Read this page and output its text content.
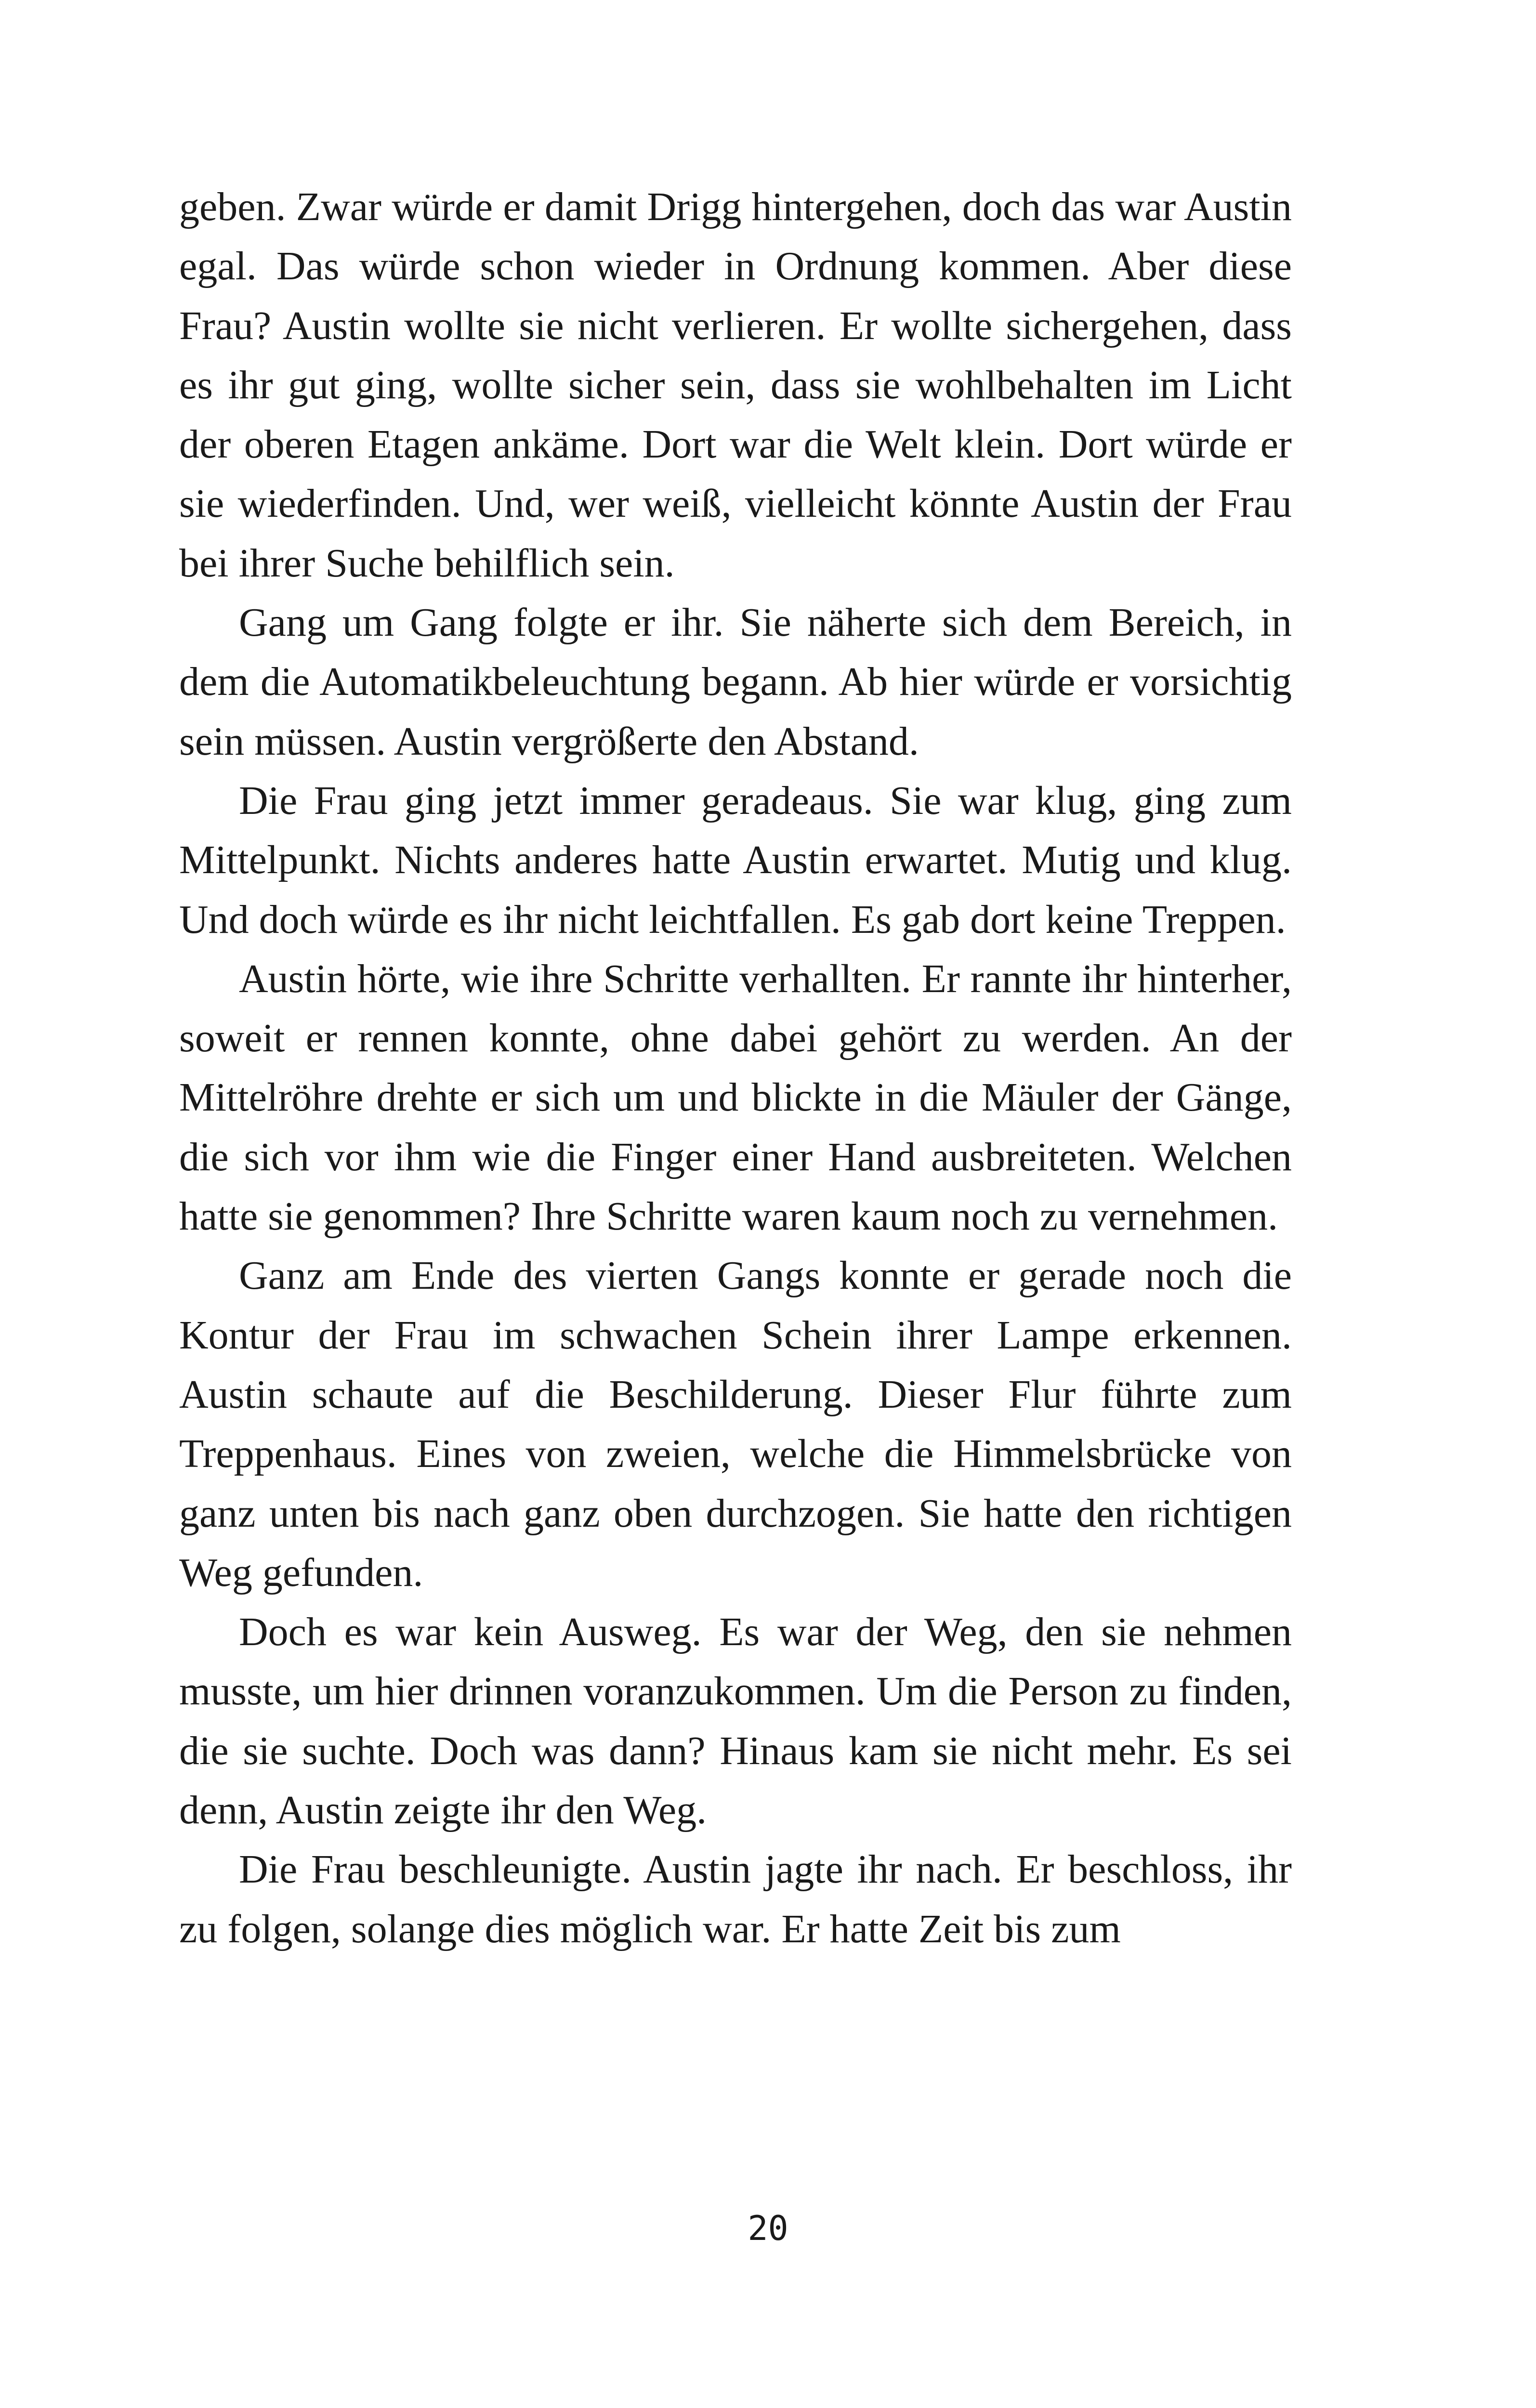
geben. Zwar würde er damit Drigg hintergehen, doch das war Austin egal. Das würde schon wieder in Ordnung kommen. Aber diese Frau? Austin wollte sie nicht verlieren. Er wollte sichergehen, dass es ihr gut ging, wollte sicher sein, dass sie wohlbehalten im Licht der oberen Etagen ankäme. Dort war die Welt klein. Dort würde er sie wiederfinden. Und, wer weiß, vielleicht könnte Austin der Frau bei ihrer Suche behilflich sein.

Gang um Gang folgte er ihr. Sie näherte sich dem Bereich, in dem die Automatikbeleuchtung begann. Ab hier würde er vorsichtig sein müssen. Austin vergrößerte den Abstand.

Die Frau ging jetzt immer geradeaus. Sie war klug, ging zum Mittelpunkt. Nichts anderes hatte Austin erwartet. Mutig und klug. Und doch würde es ihr nicht leichtfallen. Es gab dort keine Treppen.

Austin hörte, wie ihre Schritte verhallten. Er rannte ihr hinterher, soweit er rennen konnte, ohne dabei gehört zu werden. An der Mittelröhre drehte er sich um und blickte in die Mäuler der Gänge, die sich vor ihm wie die Finger einer Hand ausbreiteten. Welchen hatte sie genommen? Ihre Schritte waren kaum noch zu vernehmen.

Ganz am Ende des vierten Gangs konnte er gerade noch die Kontur der Frau im schwachen Schein ihrer Lampe erkennen. Austin schaute auf die Beschilderung. Dieser Flur führte zum Treppenhaus. Eines von zweien, welche die Himmelsbrücke von ganz unten bis nach ganz oben durchzogen. Sie hatte den richtigen Weg gefunden.

Doch es war kein Ausweg. Es war der Weg, den sie nehmen musste, um hier drinnen voranzukommen. Um die Person zu finden, die sie suchte. Doch was dann? Hinaus kam sie nicht mehr. Es sei denn, Austin zeigte ihr den Weg.

Die Frau beschleunigte. Austin jagte ihr nach. Er beschloss, ihr zu folgen, solange dies möglich war. Er hatte Zeit bis zum

20
